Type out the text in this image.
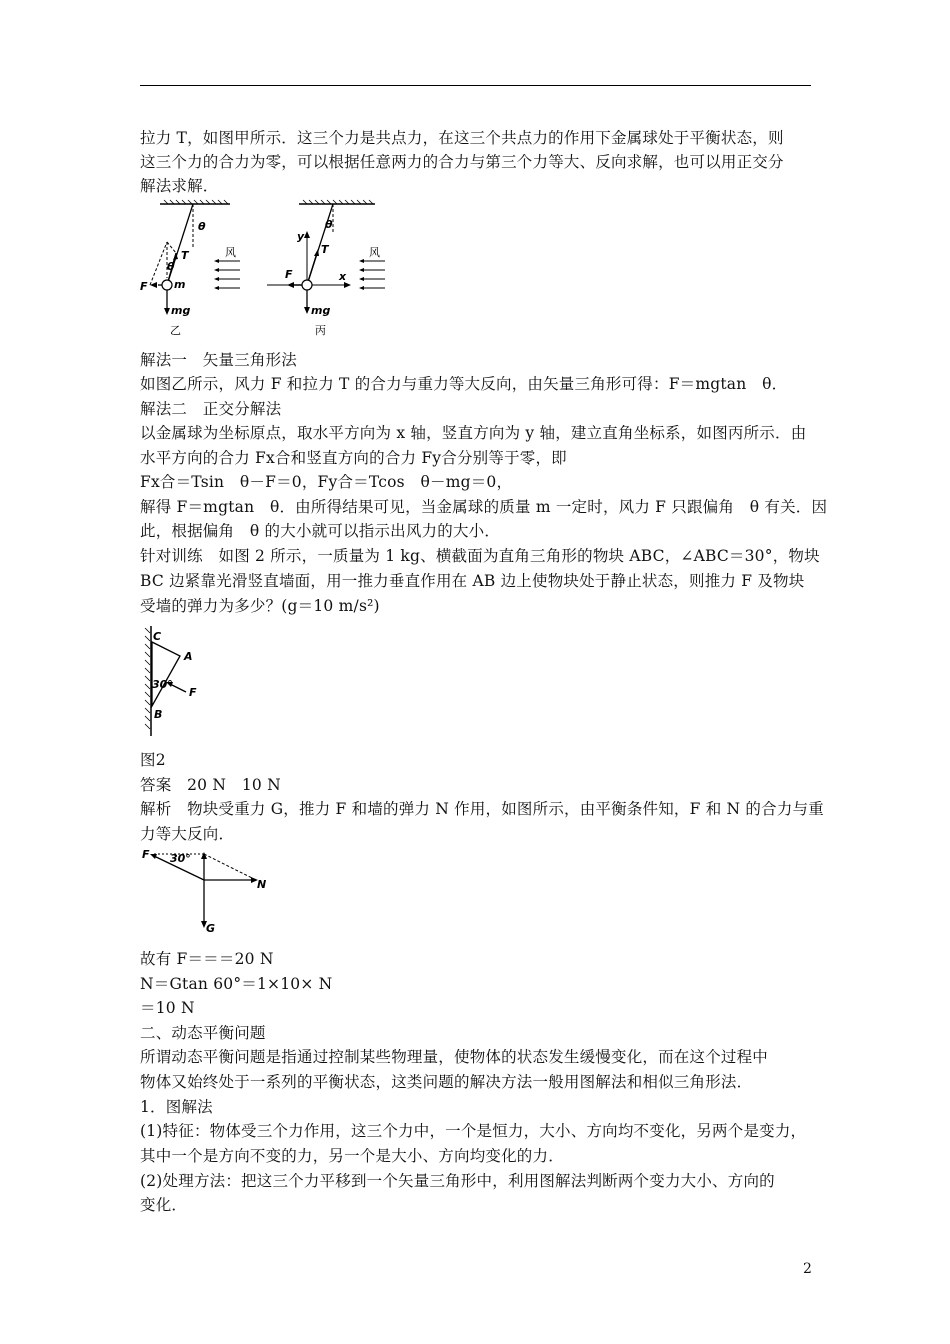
拉力 T，如图甲所示．这三个力是共点力，在这三个共点力的作用下金属球处于平衡状态，则
这三个力的合力为零，可以根据任意两力的合力与第三个力等大、反向求解，也可以用正交分
解法求解．
θ
T
θ
m
F
mg
风
乙
θ
y
T
F	x
mg
风
丙
解法一　矢量三角形法
如图乙所示，风力 F 和拉力 T 的合力与重力等大反向，由矢量三角形可得：F＝mgtan　θ．
解法二　正交分解法
以金属球为坐标原点，取水平方向为 x 轴，竖直方向为 y 轴，建立直角坐标系，如图丙所示．由
水平方向的合力 Fx合和竖直方向的合力 Fy合分别等于零，即
Fx合＝Tsin　θ－F＝0，Fy合＝Tcos　θ－mg＝0，
解得 F＝mgtan　θ．由所得结果可见，当金属球的质量 m 一定时，风力 F 只跟偏角　θ 有关．因
此，根据偏角　θ 的大小就可以指示出风力的大小．
针对训练　如图 2 所示，一质量为 1 kg、横截面为直角三角形的物块 ABC，∠ABC＝30°，物块
BC 边紧靠光滑竖直墙面，用一推力垂直作用在 AB 边上使物块处于静止状态，则推力 F 及物块
受墙的弹力为多少？(g＝10 m/s²)
C
A
30°
F
B
图2
答案　20 N　10 N
解析　物块受重力 G，推力 F 和墙的弹力 N 作用，如图所示，由平衡条件知，F 和 N 的合力与重
力等大反向．
F 30°
N
G
故有 F＝＝＝20 N
N＝Gtan 60°＝1×10× N
＝10 N
二、动态平衡问题
所谓动态平衡问题是指通过控制某些物理量，使物体的状态发生缓慢变化，而在这个过程中
物体又始终处于一系列的平衡状态，这类问题的解决方法一般用图解法和相似三角形法．
1．图解法
(1)特征：物体受三个力作用，这三个力中，一个是恒力，大小、方向均不变化，另两个是变力，
其中一个是方向不变的力，另一个是大小、方向均变化的力．
(2)处理方法：把这三个力平移到一个矢量三角形中，利用图解法判断两个变力大小、方向的
变化．
2
